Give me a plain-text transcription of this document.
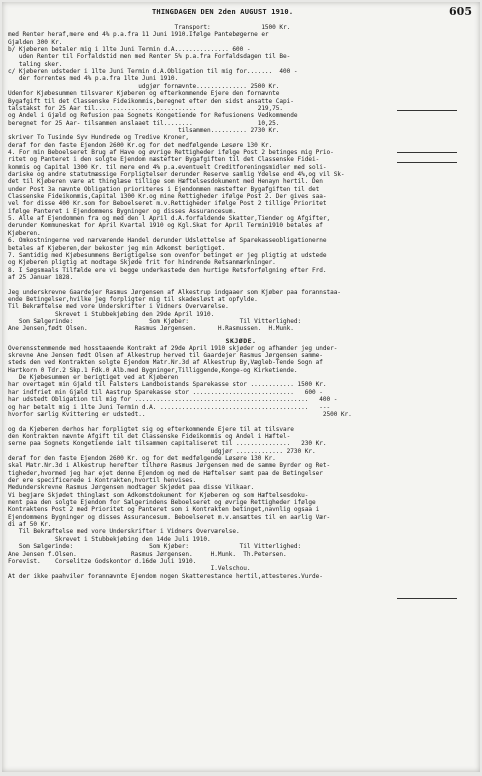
THINGDAGEN DEN 2den AUGUST 1910.	605
Transport:              1500 Kr.
med Renter heraf,mere end 4% p.a.fra 11 Juni 1910.Ifølge Pantebøgerne er
Gjælden 300 Kr.
b/ Kjøberen betaler mig i 1lte Juni Termin d.A............... 600 -
uden Renter til Forfaldstid men med Renter 5% p.a.fra Forfaldsdagen til Be-
taling sker.
c/ Kjøberen udsteder i 1lte Juni Termin d.A.Obligation til mig for.......  400 -
der forrentes med 4% p.a.fra 1lte Juni 1910.
udgjør fornævnte.............. 2500 Kr.
Udenfor Kjøbesummen tilsvarer Kjøberen og efterkommende Ejere den fornævnte
Bygafgift til det Classenske Fideikommis,beregnet efter den sidst ansatte Capi-
talstakst for 25 Aar til............................                 219,75.
og Andel i Gjæld og Refusion paa Sognets Kongetiende for Refusionens Vedkommende
beregnet for 25 Aar- tilsammen anslaaet til........                  10,25.
tilsammen.......... 2730 Kr.
skriver To Tusinde Syv Hundrede og Tredive Kroner,
deraf for den faste Ejendom 2600 Kr.og for det medfølgende Løsøre 130 Kr.
4. For min Beboelseret Brug af Have og øvrige Rettigheder ifølge Post 2 betinges mig Prio-
ritet og Panteret i den solgte Ejendom næstefter Bygafgiften til det Classenske Fidei-
kommis og Capital 1300 Kr. til mere end 4% p.a.eventuelt Creditforeningsmidler med soli-
dariske og andre statutmæssige Forpligtelser derunder Reserve samlig Ydelse end 4%,og vil Sk-
det til Kjøberen være at thinglæse tillige som Hæftelsesdokument med Henayn hertil. Den
under Post 3a nævnte Obligation prioriteres i Ejendommen næstefter Bygafgiften til det
Classenske Fideikommis,Capital 1300 Kr.og mine Rettigheder ifølge Post 2. Der gives saa-
vel for disse 400 Kr.som for Beboelseret m.v.Rettigheder ifølge Post 2 tillige Prioritet
ifølge Panteret i Ejendommens Bygninger og disses Assurancesum.
5. Alle af Ejendommen fra og med den l April d.A.forfaldende Skatter,Tiender og Afgifter,
derunder Kommuneskat for April Kvartal 1910 og Kgl.Skat for April Termin1910 betales af
Kjøberen.
6. Omkostningerne ved nærværende Handel derunder Udslettelse af Sparekasseobligationerne
betales af Kjøberen,der bekoster jeg min Adkomst berigtiget.
7. Samtidig med Kjøbesummens Berigtigelse som ovenfor betinget er jeg pligtig at udstede
og Kjøberen pligtig at modtage Skjøde frit for hindrende Retsanmærkninger.
8. I Søgsmaals Tilfælde ere vi begge underkastede den hurtige Retsforfølgning efter Frd.
af 25 Januar 1828.
Jeg underskrevne Gaardejer Rasmus Jørgensen af Alkestrup indgaaer som Kjøber paa forannstaa-
ende Betingelser,hvilke jeg forpligter mig til skadesløst at opfylde.
Til Bekræftelse med vore Underskrifter i Vidners Overværelse.
Skrevet i Stubbekjøbing den 29de April 1910.
Som Sælgerinde:                     Som Kjøber:              Til Vitterlighed:
Ane Jensen,født Olsen.             Rasmus Jørgensen.      H.Rasmussen.  H.Munk.
SKJØDE.
Overensstemmende med hosstaaende Kontrakt af 29de April 1910 skjøder og afhænder jeg under-
skrevne Ane Jensen født Olsen af Alkestrup herved til Gaardejer Rasmus Jørgensen samme-
steds den ved Kontrakten solgte Ejendom Matr.Nr.3d af Alkestrup By,Vægleb-Tende Sogn af
Hartkorn 0 Tdr.2 Skp.1 Fdk.0 Alb.med Bygninger,Tilliggende,Konge-og Kirketiende.
De Kjøbesummen er berigtiget ved at Kjøberen
har overtaget min Gjæld til Falsters Landboistands Sparekasse stor ............ 1500 Kr.
har indfriet min Gjæld til Aastrup Sparekasse stor ............................   600 -
har udstedt Obligation til mig for ................................................   400 -
og har betalt mig i 1lte Juni Termin d.A. .........................................   ---
hvorfor særlig Kvittering er udstedt..                                                 2500 Kr.
og da Kjøberen derhos har forpligtet sig og efterkommende Ejere til at tilsvare
den Kontrakten nævnte Afgift til det Classenske Fideikommis og Andel i Hæftel-
serne paa Sognets Kongetiende ialt tilsammen capitaliseret til ...............   230 Kr.
udgjør ............. 2730 Kr.
deraf for den faste Ejendom 2600 Kr. og for det medfølgende Løsøre 130 Kr.
skal Matr.Nr.3d i Alkestrup herefter tilhøre Rasmus Jørgensen med de samme Byrder og Ret-
tigheder,hvormed jeg har ejet denne Ejendom og med de Hæftelser samt paa de Betingelser
der ere specificerede i Kontrakten,hvortil henvises.
Medunderskrevne Rasmus Jørgensen modtager Skjødet paa disse Vilkaar.
Vi begjære Skjødet thinglæst som Adkomstdokument for Kjøberen og som Hæftelsesdoku-
ment paa den solgte Ejendom for Sælgerindens Beboelseret og øvrige Rettigheder ifølge
Kontraktens Post 2 med Prioritet og Panteret som i Kontrakten betinget,navnlig ogsaa i
Ejendommens Bygninger og disses Assurancesum. Beboelseret m.v.ansættes til en aarlig Vær-
di af 50 Kr.
Til Bekræftelse med vore Underskrifter i Vidners Overværelse.
Skrevet i Stubbekjøbing den 14de Juli 1910.
Som Sælgerinde:                     Som Kjøber:              Til Vitterlighed:
Ane Jensen f.Olsen.               Rasmus Jørgensen.     H.Munk.  Th.Petersen.
Forevist.    Corselitze Godskontor d.16de Juli 1910.
I.Velschou.
At der ikke paahviler forannævnte Ejendom nogen Skatterestance hertil,attesteres.Vurde-
